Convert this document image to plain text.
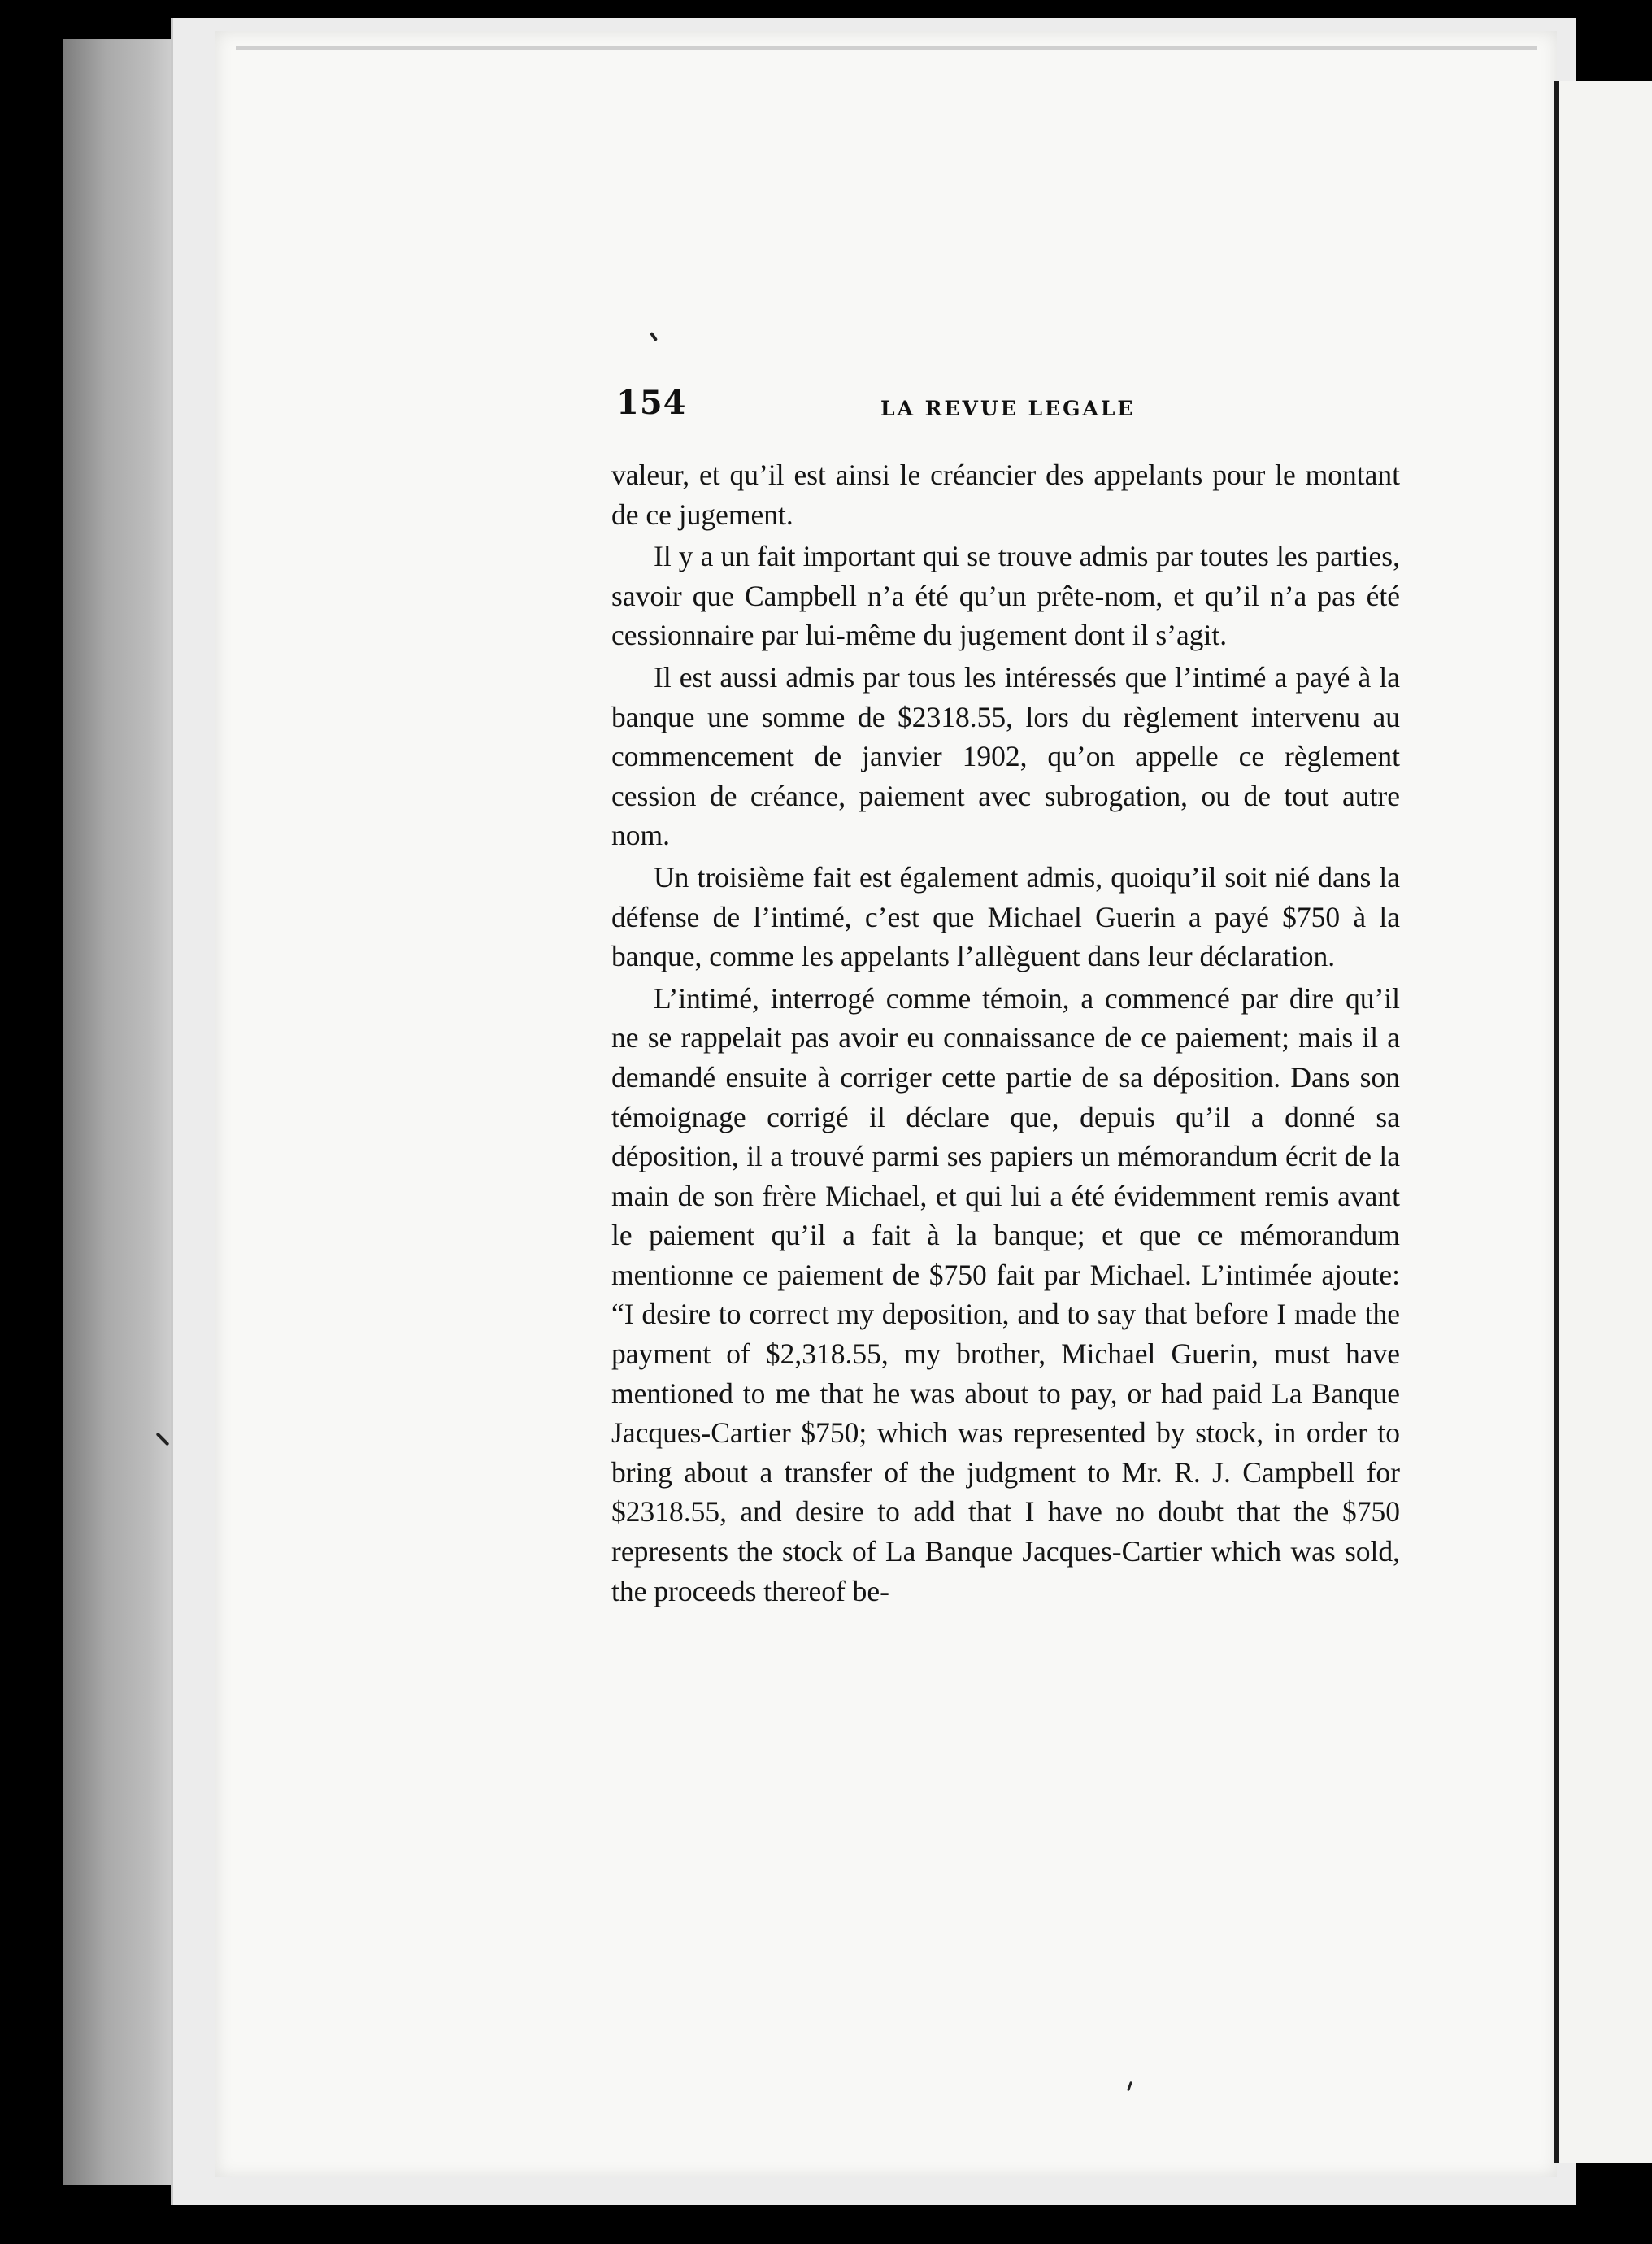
154	LA REVUE LEGALE

valeur, et qu’il est ainsi le créancier des appelants pour le montant de ce jugement.

Il y a un fait important qui se trouve admis par toutes les parties, savoir que Campbell n’a été qu’un prête-nom, et qu’il n’a pas été cessionnaire par lui-même du jugement dont il s’agit.

Il est aussi admis par tous les intéressés que l’intimé a payé à la banque une somme de $2318.55, lors du règlement intervenu au commencement de janvier 1902, qu’on appelle ce règlement cession de créance, paiement avec subrogation, ou de tout autre nom.

Un troisième fait est également admis, quoiqu’il soit nié dans la défense de l’intimé, c’est que Michael Guerin a payé $750 à la banque, comme les appelants l’allèguent dans leur déclaration.

L’intimé, interrogé comme témoin, a commencé par dire qu’il ne se rappelait pas avoir eu connaissance de ce paiement; mais il a demandé ensuite à corriger cette partie de sa déposition. Dans son témoignage corrigé il déclare que, depuis qu’il a donné sa déposition, il a trouvé parmi ses papiers un mémorandum écrit de la main de son frère Michael, et qui lui a été évidemment remis avant le paiement qu’il a fait à la banque; et que ce mémorandum mentionne ce paiement de $750 fait par Michael. L’intimée ajoute: “I desire to correct my deposition, and to say that before I made the payment of $2,318.55, my brother, Michael Guerin, must have mentioned to me that he was about to pay, or had paid La Banque Jacques-Cartier $750; which was represented by stock, in order to bring about a transfer of the judgment to Mr. R. J. Campbell for $2318.55, and desire to add that I have no doubt that the $750 represents the stock of La Banque Jacques-Cartier which was sold, the proceeds thereof be-
